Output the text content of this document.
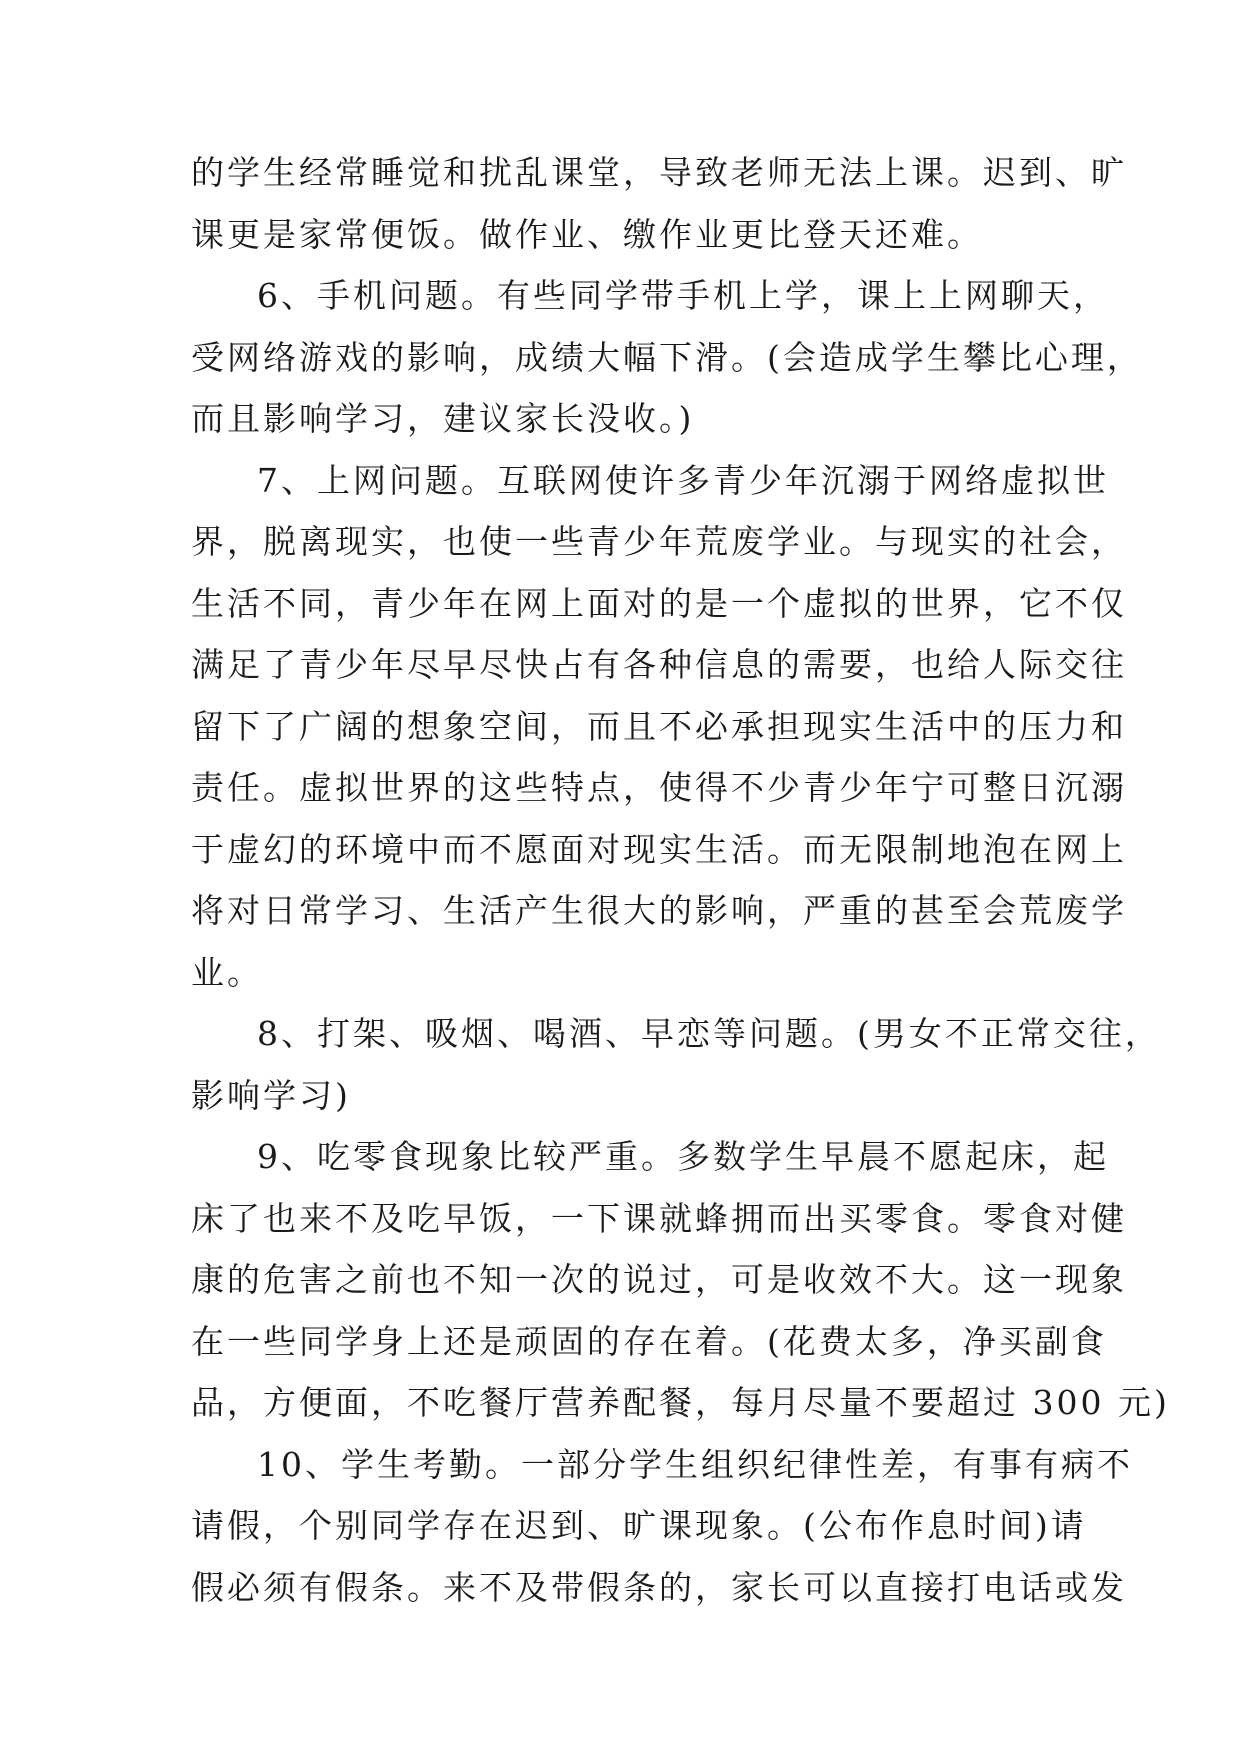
的学生经常睡觉和扰乱课堂，导致老师无法上课。迟到、旷
课更是家常便饭。做作业、缴作业更比登天还难。
6、手机问题。有些同学带手机上学，课上上网聊天，
受网络游戏的影响，成绩大幅下滑。(会造成学生攀比心理，
而且影响学习，建议家长没收。)
7、上网问题。互联网使许多青少年沉溺于网络虚拟世
界，脱离现实，也使一些青少年荒废学业。与现实的社会，
生活不同，青少年在网上面对的是一个虚拟的世界，它不仅
满足了青少年尽早尽快占有各种信息的需要，也给人际交往
留下了广阔的想象空间，而且不必承担现实生活中的压力和
责任。虚拟世界的这些特点，使得不少青少年宁可整日沉溺
于虚幻的环境中而不愿面对现实生活。而无限制地泡在网上
将对日常学习、生活产生很大的影响，严重的甚至会荒废学
业。
8、打架、吸烟、喝酒、早恋等问题。(男女不正常交往，
影响学习)
9、吃零食现象比较严重。多数学生早晨不愿起床，起
床了也来不及吃早饭，一下课就蜂拥而出买零食。零食对健
康的危害之前也不知一次的说过，可是收效不大。这一现象
在一些同学身上还是顽固的存在着。(花费太多，净买副食
品，方便面，不吃餐厅营养配餐，每月尽量不要超过 300 元)
10、学生考勤。一部分学生组织纪律性差，有事有病不
请假，个别同学存在迟到、旷课现象。(公布作息时间)请
假必须有假条。来不及带假条的，家长可以直接打电话或发
